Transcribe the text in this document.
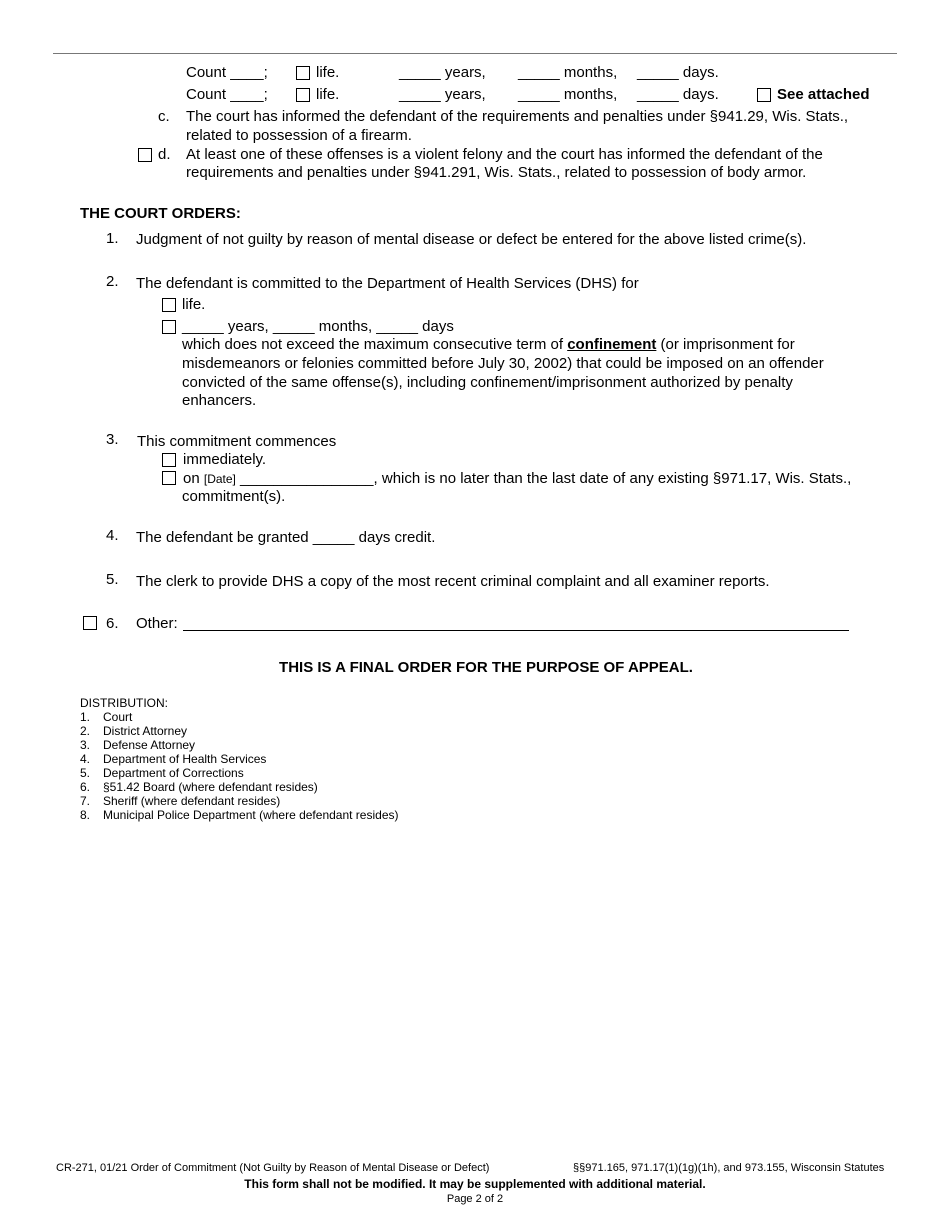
Count ____;	life.	_____ years, _____ months, _____ days.
Count ____;	life.	_____ years, _____ months, _____ days.	See attached
c. The court has informed the defendant of the requirements and penalties under §941.29, Wis. Stats.,
related to possession of a firearm.
d. At least one of these offenses is a violent felony and the court has informed the defendant of the
requirements and penalties under §941.291, Wis. Stats., related to possession of body armor.
THE COURT ORDERS:
1. Judgment of not guilty by reason of mental disease or defect be entered for the above listed crime(s).
2. The defendant is committed to the Department of Health Services (DHS) for
life.
_____ years, _____ months, _____ days
which does not exceed the maximum consecutive term of confinement (or imprisonment for
misdemeanors or felonies committed before July 30, 2002) that could be imposed on an offender
convicted of the same offense(s), including confinement/imprisonment authorized by penalty
enhancers.
3. This commitment commences
immediately.
on [Date] ________________, which is no later than the last date of any existing §971.17, Wis. Stats.,
commitment(s).
4. The defendant be granted _____ days credit.
5. The clerk to provide DHS a copy of the most recent criminal complaint and all examiner reports.
6. Other:
THIS IS A FINAL ORDER FOR THE PURPOSE OF APPEAL.
DISTRIBUTION:
1. Court
2. District Attorney
3. Defense Attorney
4. Department of Health Services
5. Department of Corrections
6. §51.42 Board (where defendant resides)
7. Sheriff (where defendant resides)
8. Municipal Police Department (where defendant resides)
CR-271, 01/21 Order of Commitment (Not Guilty by Reason of Mental Disease or Defect)	§§971.165, 971.17(1)(1g)(1h), and 973.155, Wisconsin Statutes
This form shall not be modified. It may be supplemented with additional material.
Page 2 of 2
